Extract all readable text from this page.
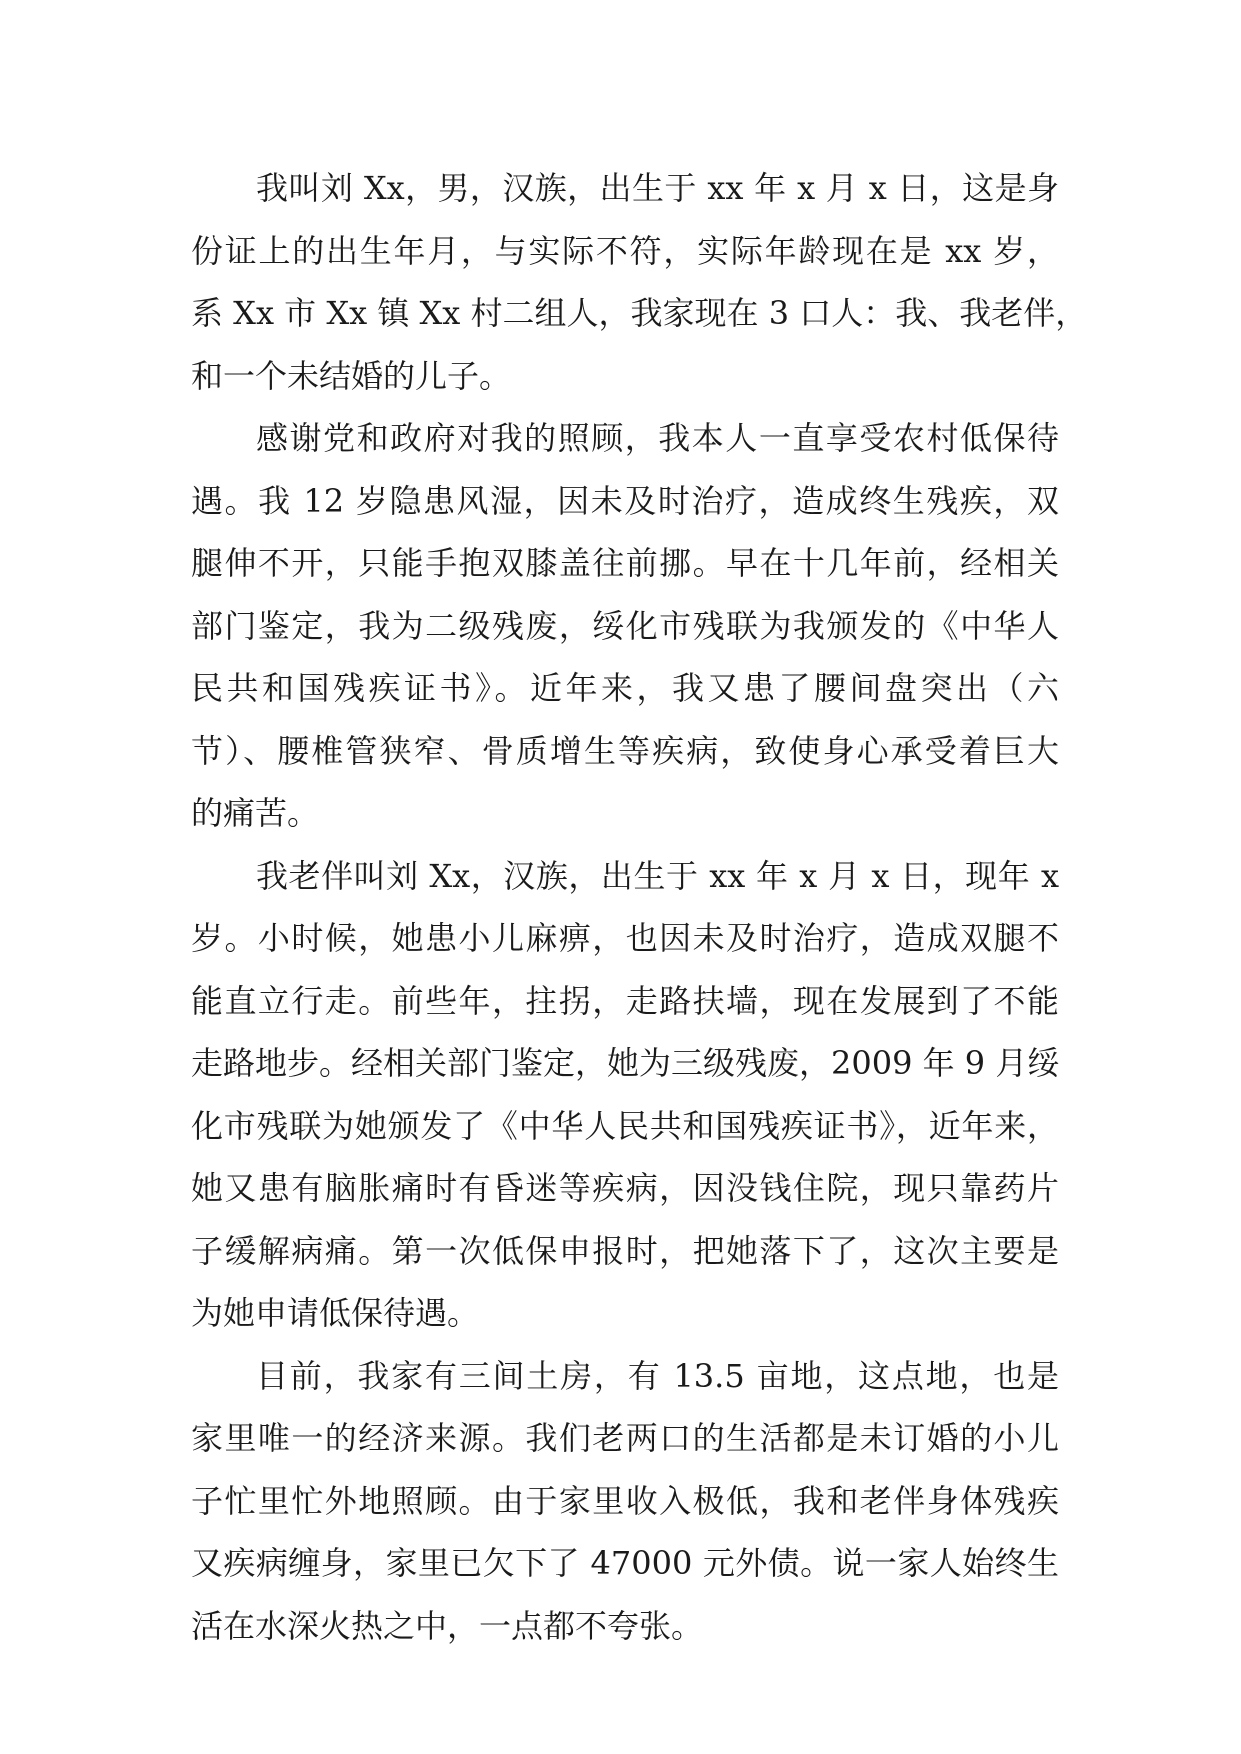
我叫刘 Xx，男，汉族，出生于 xx 年 x 月 x 日，这是身
份证上的出生年月，与实际不符，实际年龄现在是 xx 岁，
系 Xx 市 Xx 镇 Xx 村二组人，我家现在 3 口人：我、我老伴，
和一个未结婚的儿子。
感谢党和政府对我的照顾，我本人一直享受农村低保待
遇。我 12 岁隐患风湿，因未及时治疗，造成终生残疾，双
腿伸不开，只能手抱双膝盖往前挪。早在十几年前，经相关
部门鉴定，我为二级残废，绥化市残联为我颁发的《中华人
民共和国残疾证书》。近年来，我又患了腰间盘突出（六
节）、腰椎管狭窄、骨质增生等疾病，致使身心承受着巨大
的痛苦。
我老伴叫刘 Xx，汉族，出生于 xx 年 x 月 x 日，现年 x
岁。小时候，她患小儿麻痹，也因未及时治疗，造成双腿不
能直立行走。前些年，拄拐，走路扶墙，现在发展到了不能
走路地步。经相关部门鉴定，她为三级残废，2009 年 9 月绥
化市残联为她颁发了《中华人民共和国残疾证书》，近年来，
她又患有脑胀痛时有昏迷等疾病，因没钱住院，现只靠药片
子缓解病痛。第一次低保申报时，把她落下了，这次主要是
为她申请低保待遇。
目前，我家有三间土房，有 13.5 亩地，这点地，也是
家里唯一的经济来源。我们老两口的生活都是未订婚的小儿
子忙里忙外地照顾。由于家里收入极低，我和老伴身体残疾
又疾病缠身，家里已欠下了 47000 元外债。说一家人始终生
活在水深火热之中，一点都不夸张。
